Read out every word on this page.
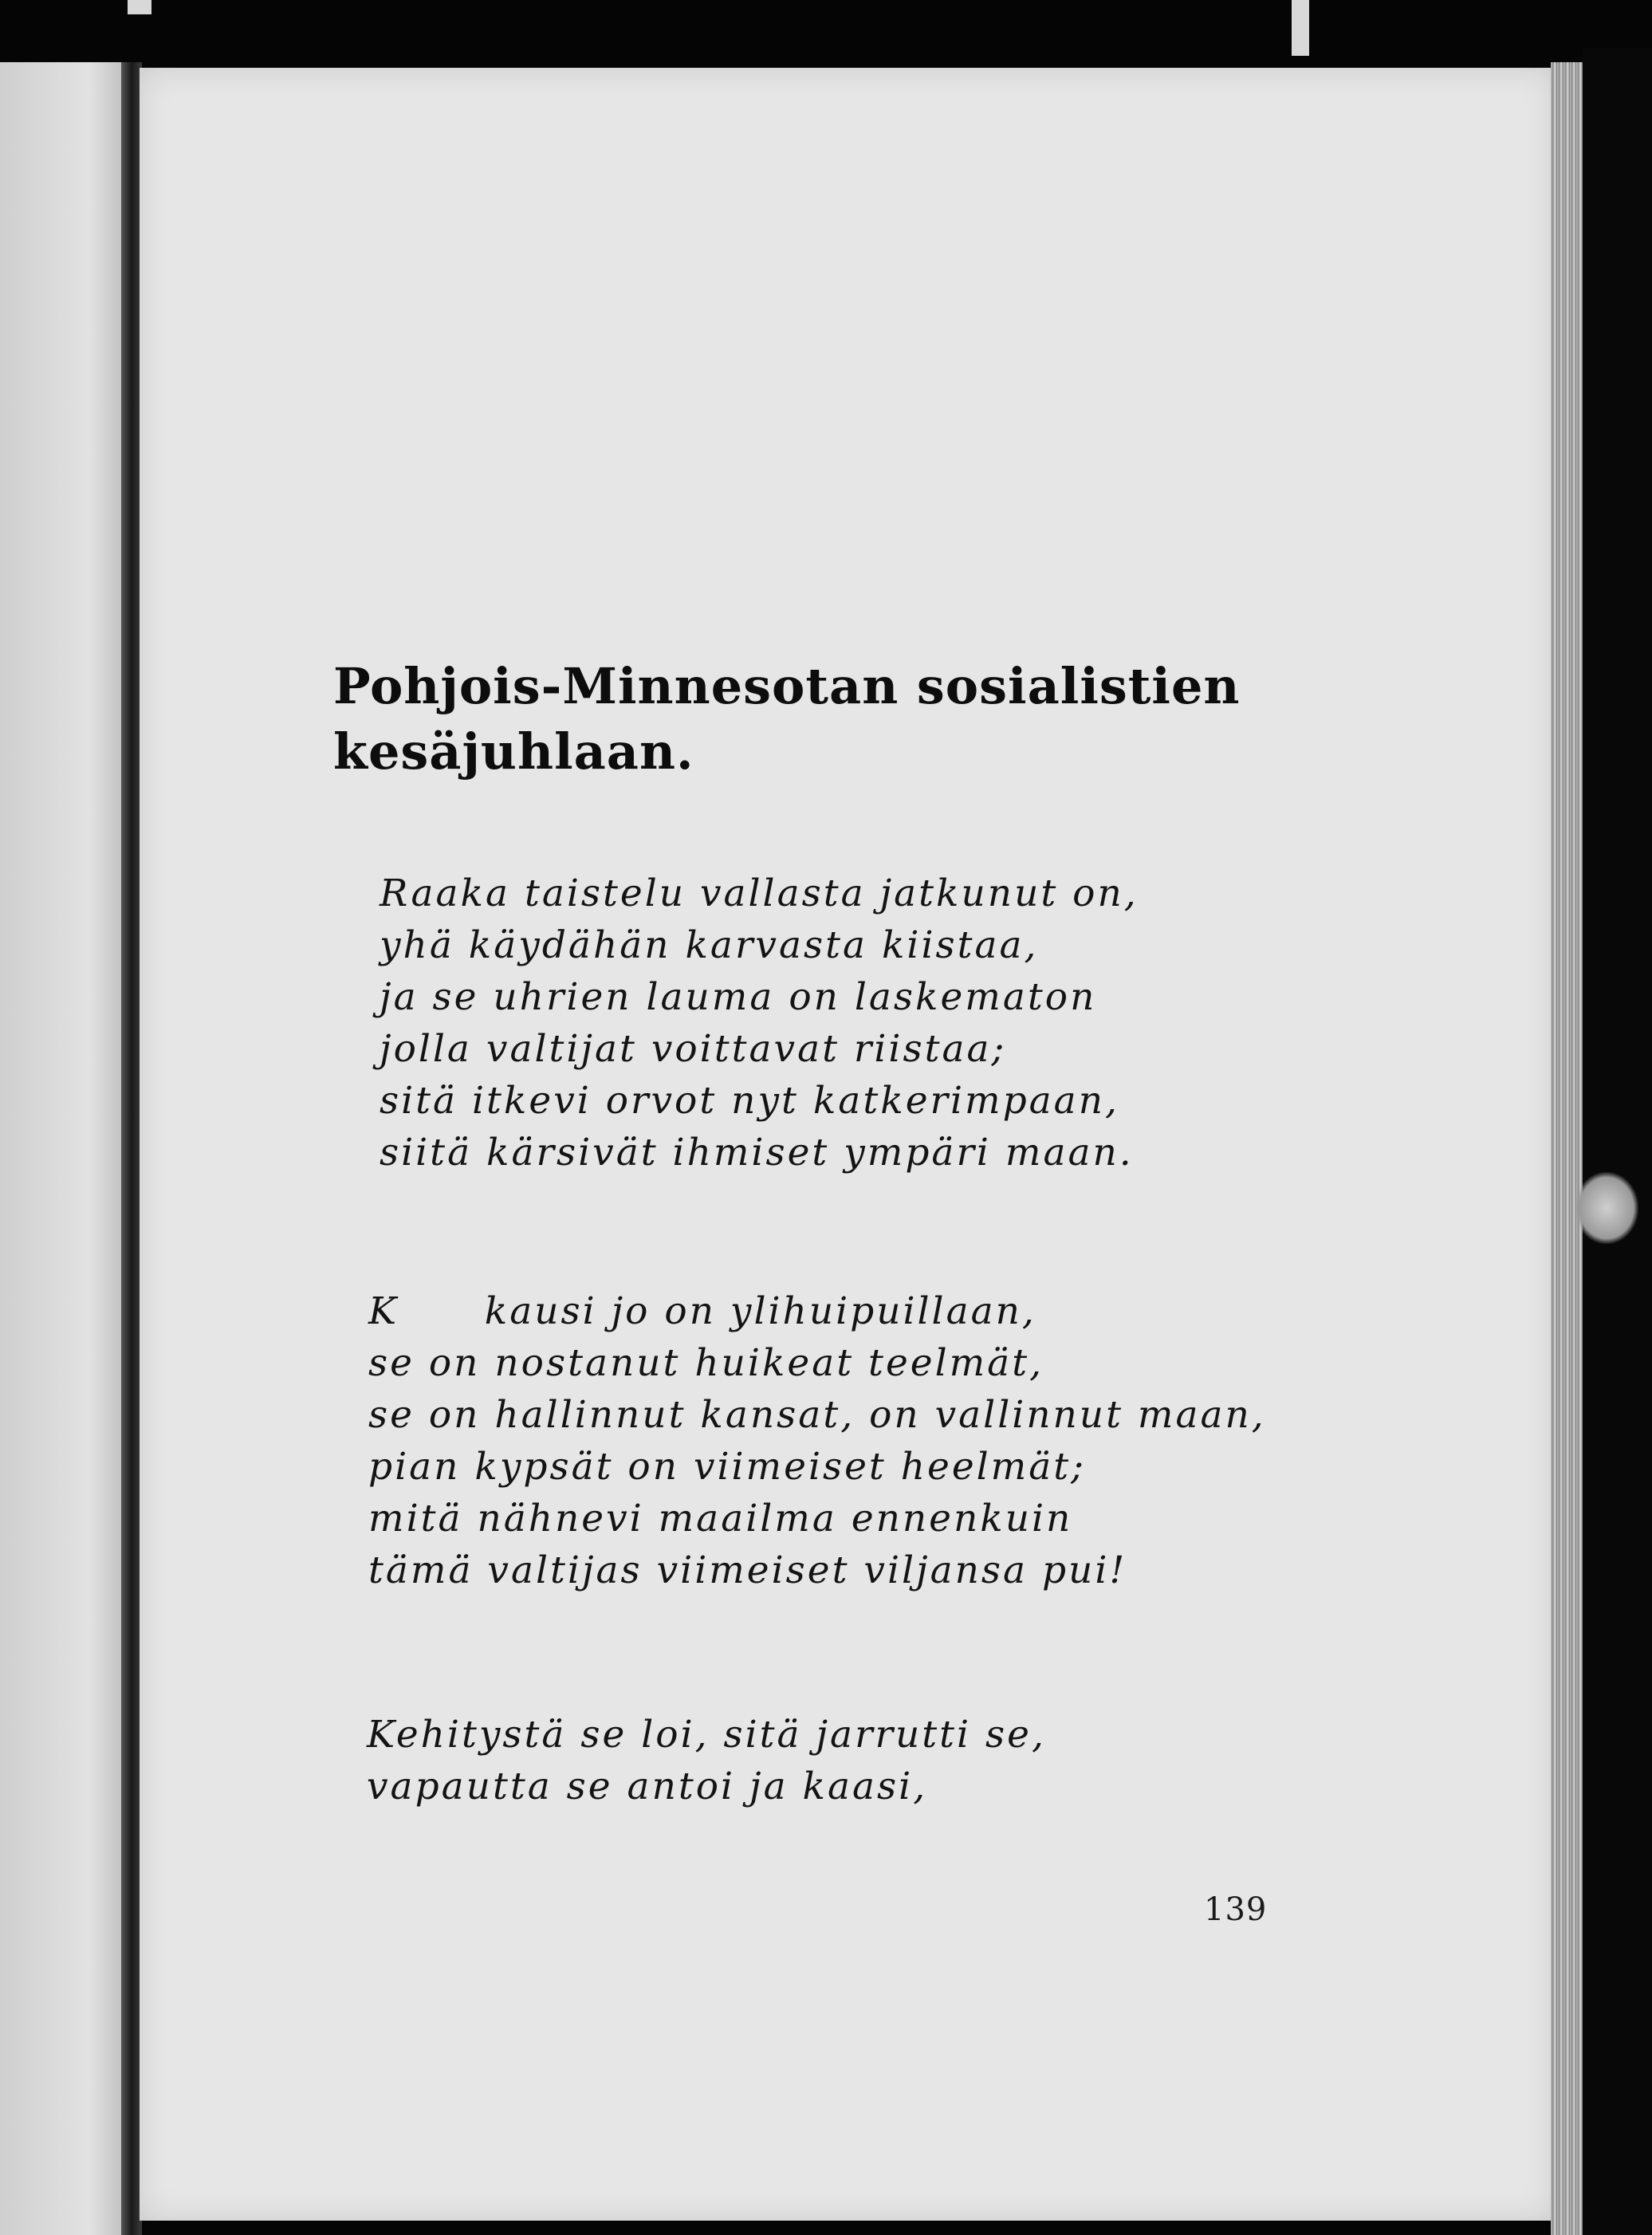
Pohjois-Minnesotan sosialistien
kesäjuhlaan.
Raaka taistelu vallasta jatkunut on,
yhä käydähän karvasta kiistaa,
ja se uhrien lauma on laskematon
jolla valtijat voittavat riistaa;
sitä itkevi orvot nyt katkerimpaan,
siitä kärsivät ihmiset ympäri maan.
K      kausi jo on ylihuipuillaan,
se on nostanut huikeat teelmät,
se on hallinnut kansat, on vallinnut maan,
pian kypsät on viimeiset heelmät;
mitä nähnevi maailma ennenkuin
tämä valtijas viimeiset viljansa pui!
Kehitystä se loi, sitä jarrutti se,
vapautta se antoi ja kaasi,
139
